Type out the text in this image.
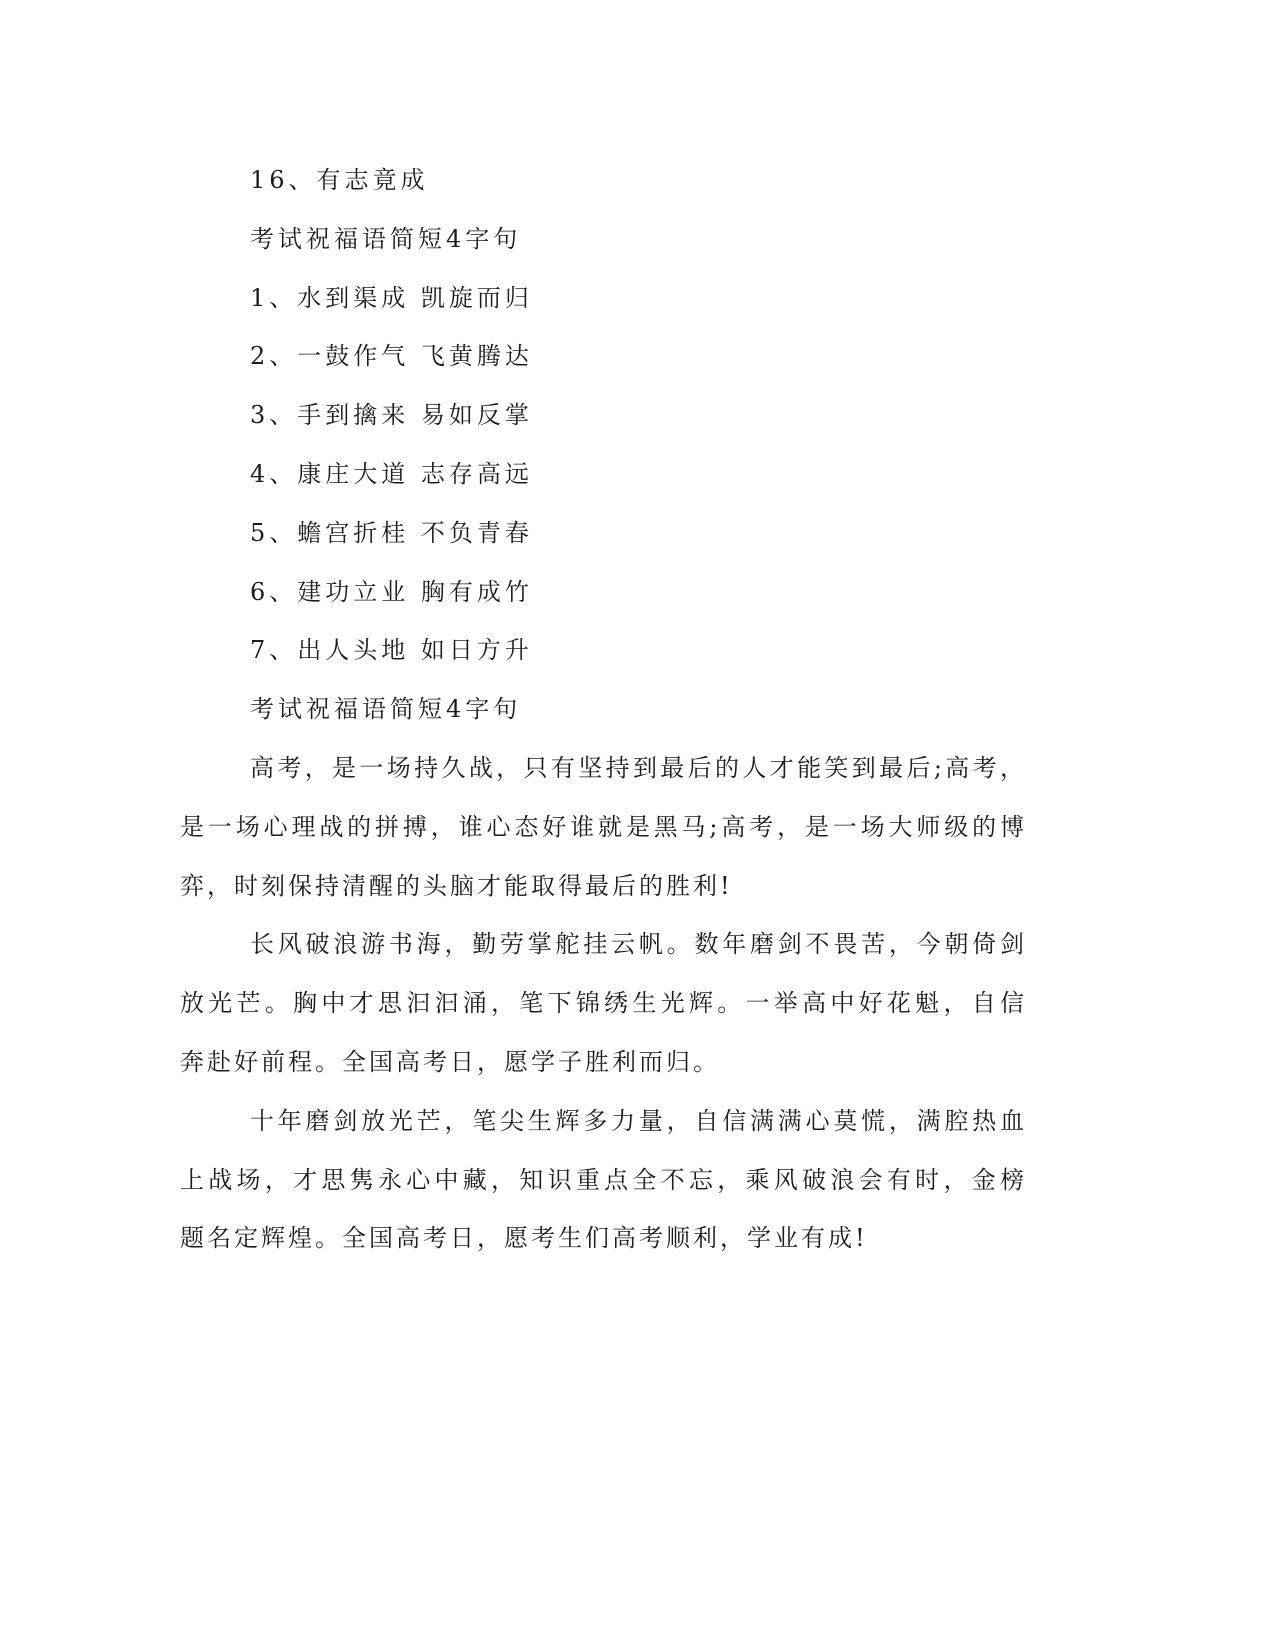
16、有志竟成
考试祝福语简短4字句
1、水到渠成 凯旋而归
2、一鼓作气 飞黄腾达
3、手到擒来 易如反掌
4、康庄大道 志存高远
5、蟾宫折桂 不负青春
6、建功立业 胸有成竹
7、出人头地 如日方升
考试祝福语简短4字句
高考，是一场持久战，只有坚持到最后的人才能笑到最后;高考，
是一场心理战的拼搏，谁心态好谁就是黑马;高考，是一场大师级的博
弈，时刻保持清醒的头脑才能取得最后的胜利!
长风破浪游书海，勤劳掌舵挂云帆。数年磨剑不畏苦，今朝倚剑
放光芒。胸中才思汩汩涌，笔下锦绣生光辉。一举高中好花魁，自信
奔赴好前程。全国高考日，愿学子胜利而归。
十年磨剑放光芒，笔尖生辉多力量，自信满满心莫慌，满腔热血
上战场，才思隽永心中藏，知识重点全不忘，乘风破浪会有时，金榜
题名定辉煌。全国高考日，愿考生们高考顺利，学业有成!
